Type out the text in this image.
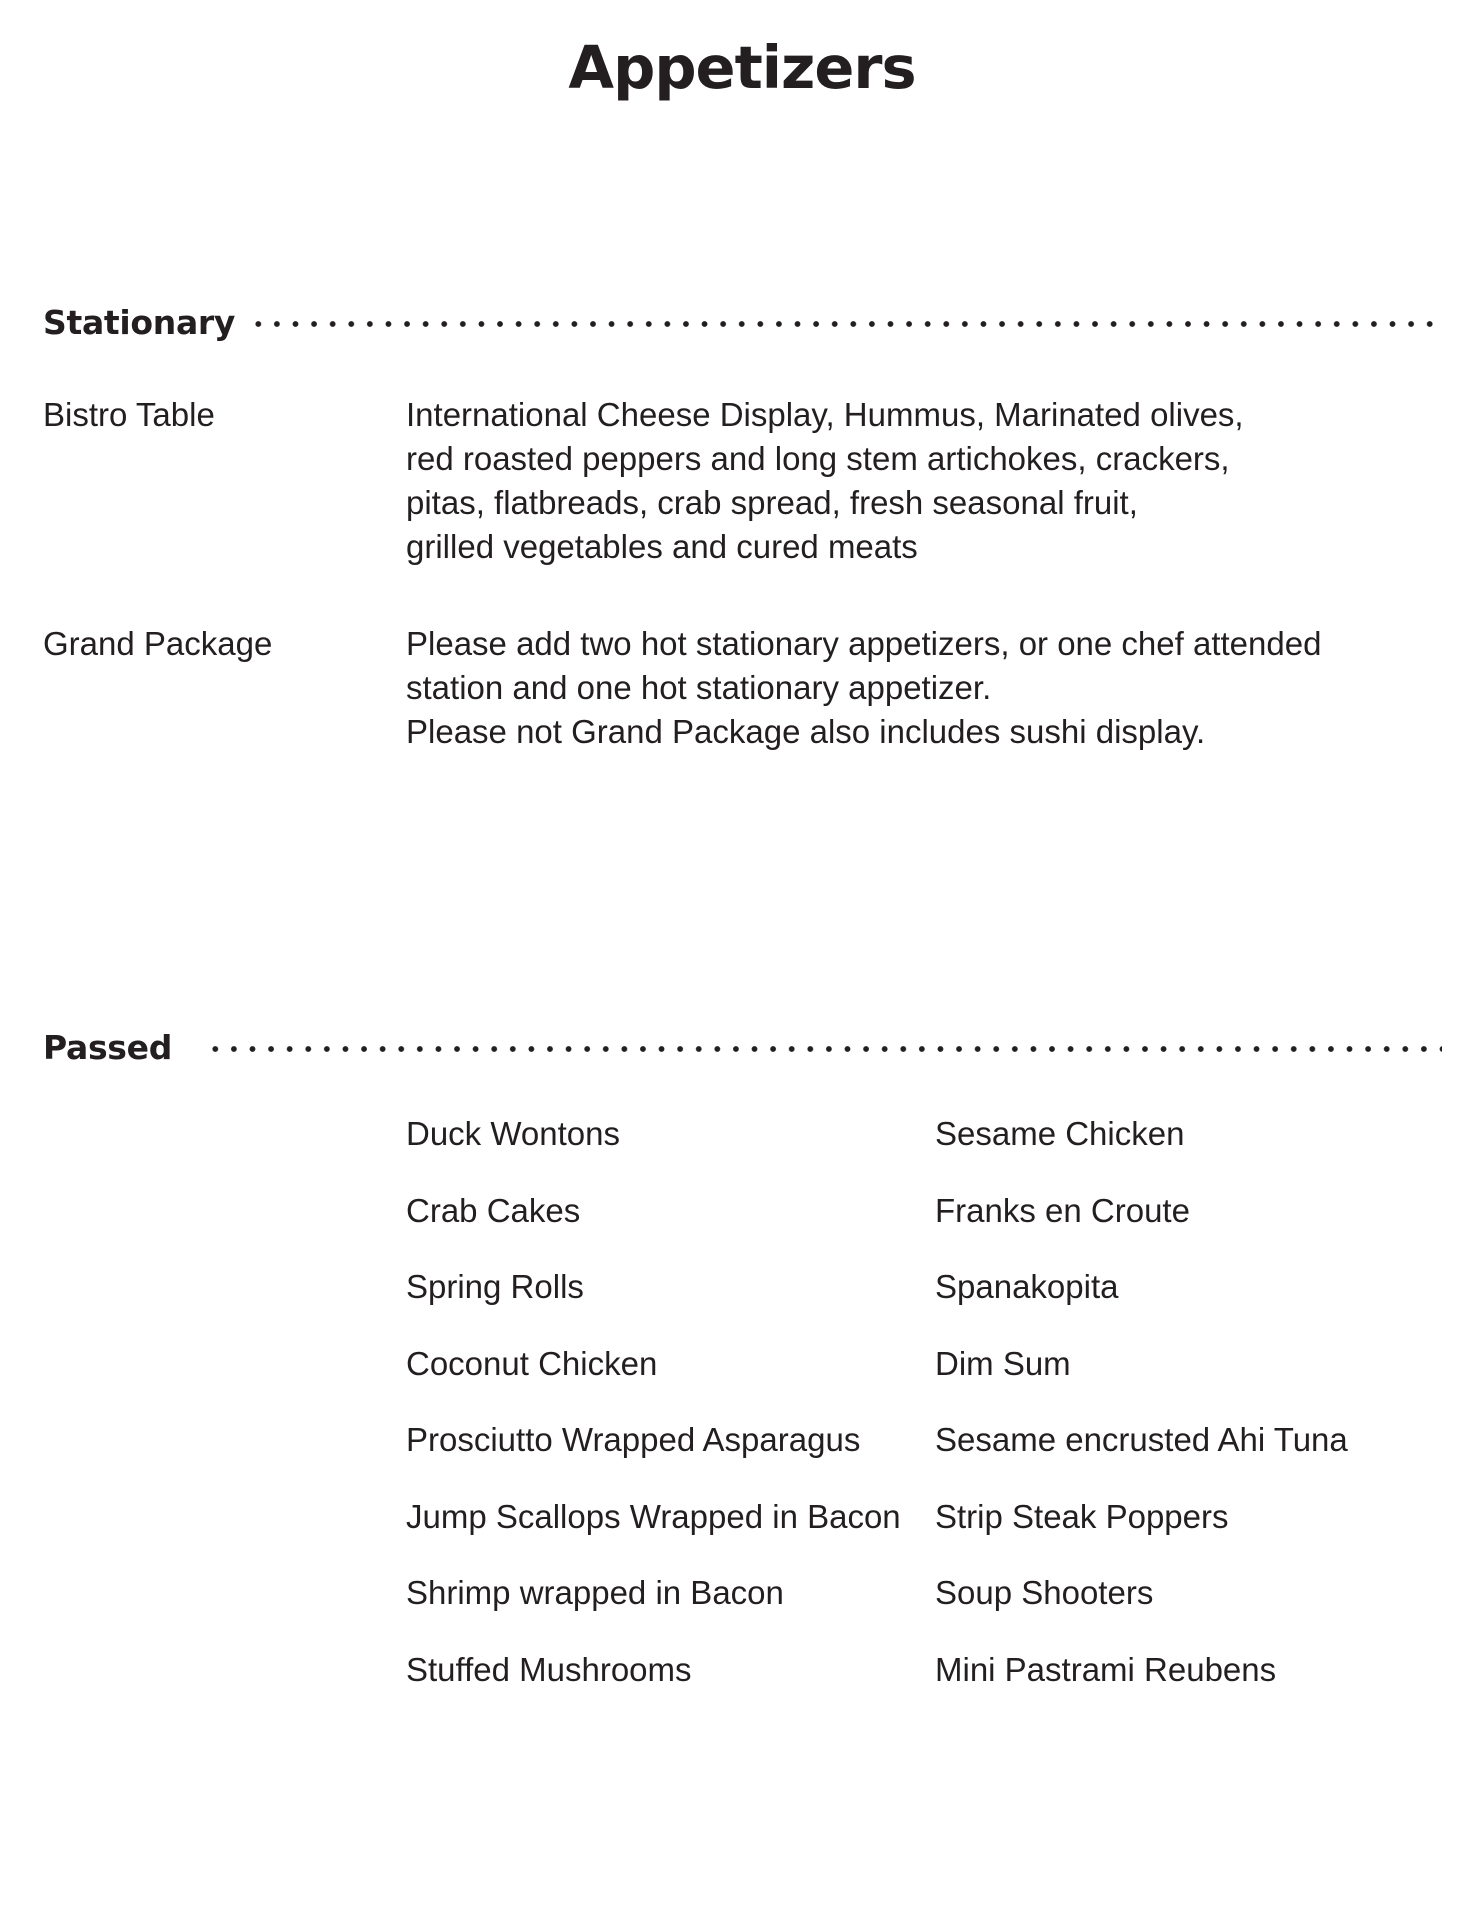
Appetizers
Stationary
Bistro Table	International Cheese Display, Hummus, Marinated olives,
red roasted peppers and long stem artichokes, crackers,
pitas, flatbreads, crab spread, fresh seasonal fruit,
grilled vegetables and cured meats
Grand Package	Please add two hot stationary appetizers, or one chef attended
station and one hot stationary appetizer.
Please not Grand Package also includes sushi display.
Passed
Duck Wontons
Crab Cakes
Spring Rolls
Coconut Chicken
Prosciutto Wrapped Asparagus
Jump Scallops Wrapped in Bacon
Shrimp wrapped in Bacon
Stuffed Mushrooms
Sesame Chicken
Franks en Croute
Spanakopita
Dim Sum
Sesame encrusted Ahi Tuna
Strip Steak Poppers
Soup Shooters
Mini Pastrami Reubens
